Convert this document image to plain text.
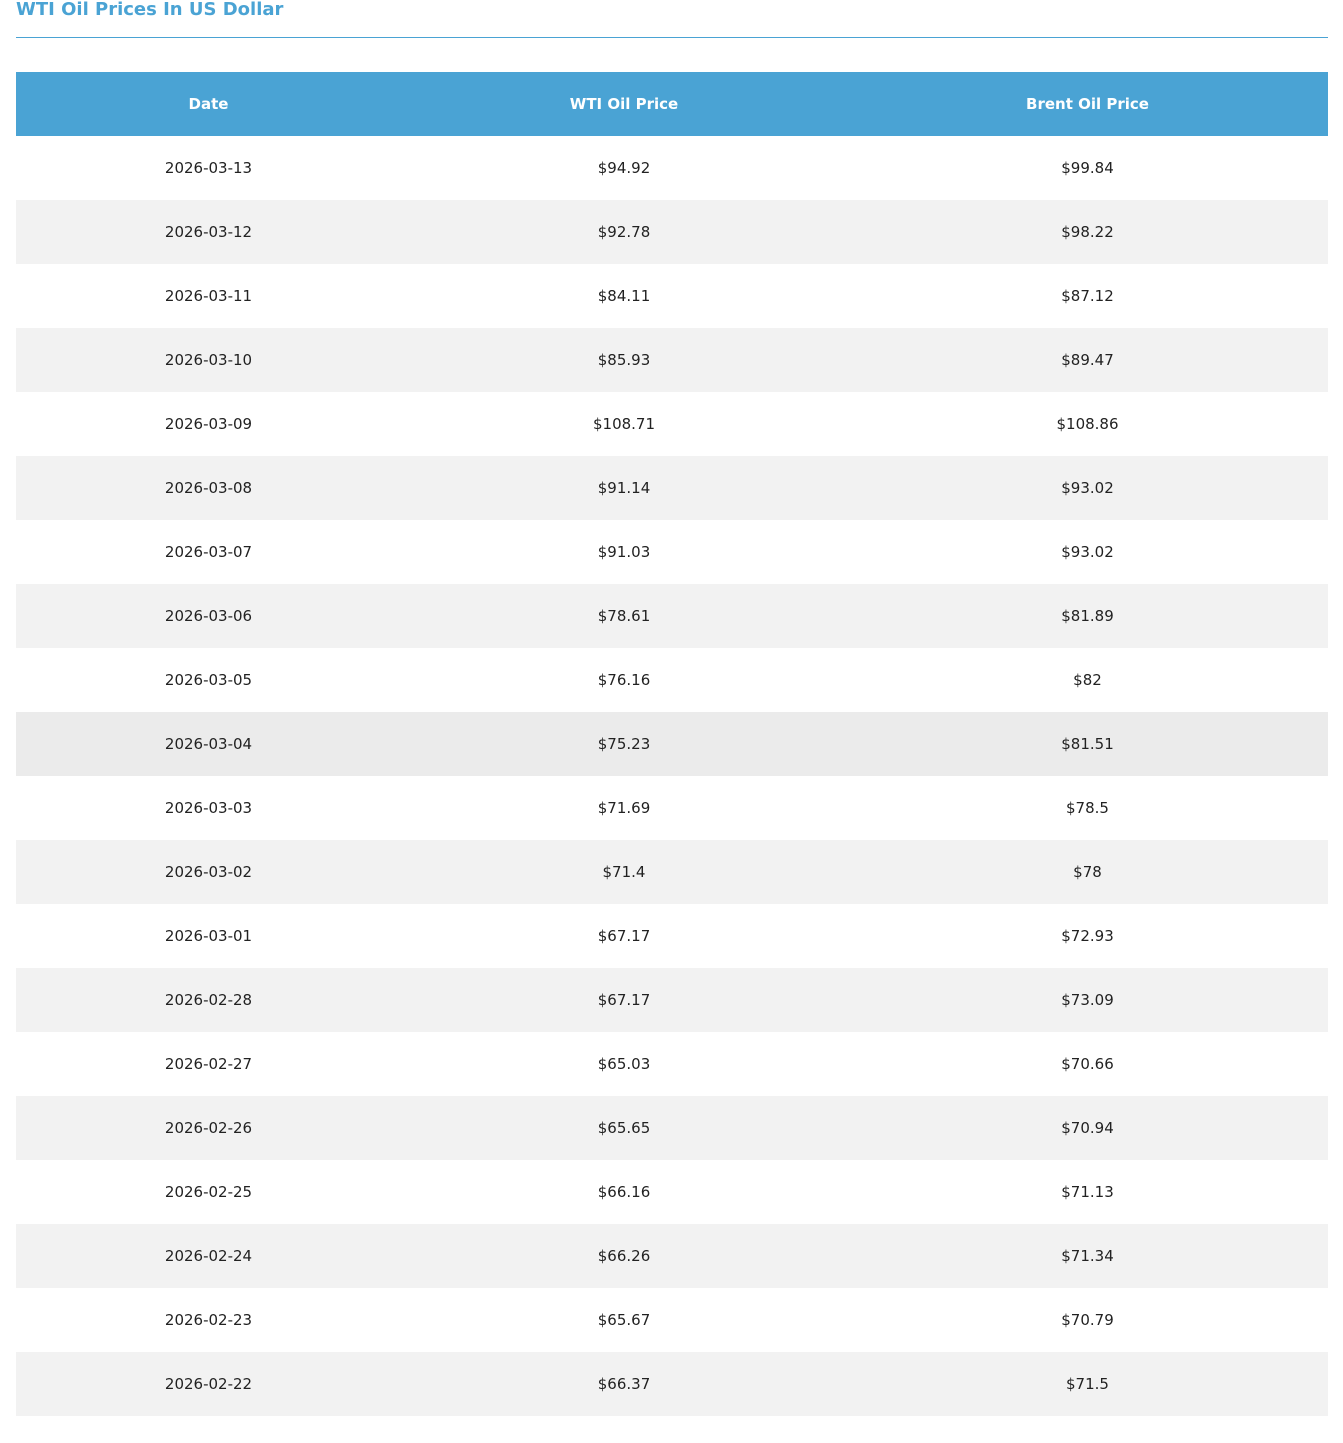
WTI Oil Prices In US Dollar
Date	WTI Oil Price	Brent Oil Price
2026-03-13	$94.92	$99.84
2026-03-12	$92.78	$98.22
2026-03-11	$84.11	$87.12
2026-03-10	$85.93	$89.47
2026-03-09	$108.71	$108.86
2026-03-08	$91.14	$93.02
2026-03-07	$91.03	$93.02
2026-03-06	$78.61	$81.89
2026-03-05	$76.16	$82
2026-03-04	$75.23	$81.51
2026-03-03	$71.69	$78.5
2026-03-02	$71.4	$78
2026-03-01	$67.17	$72.93
2026-02-28	$67.17	$73.09
2026-02-27	$65.03	$70.66
2026-02-26	$65.65	$70.94
2026-02-25	$66.16	$71.13
2026-02-24	$66.26	$71.34
2026-02-23	$65.67	$70.79
2026-02-22	$66.37	$71.5
